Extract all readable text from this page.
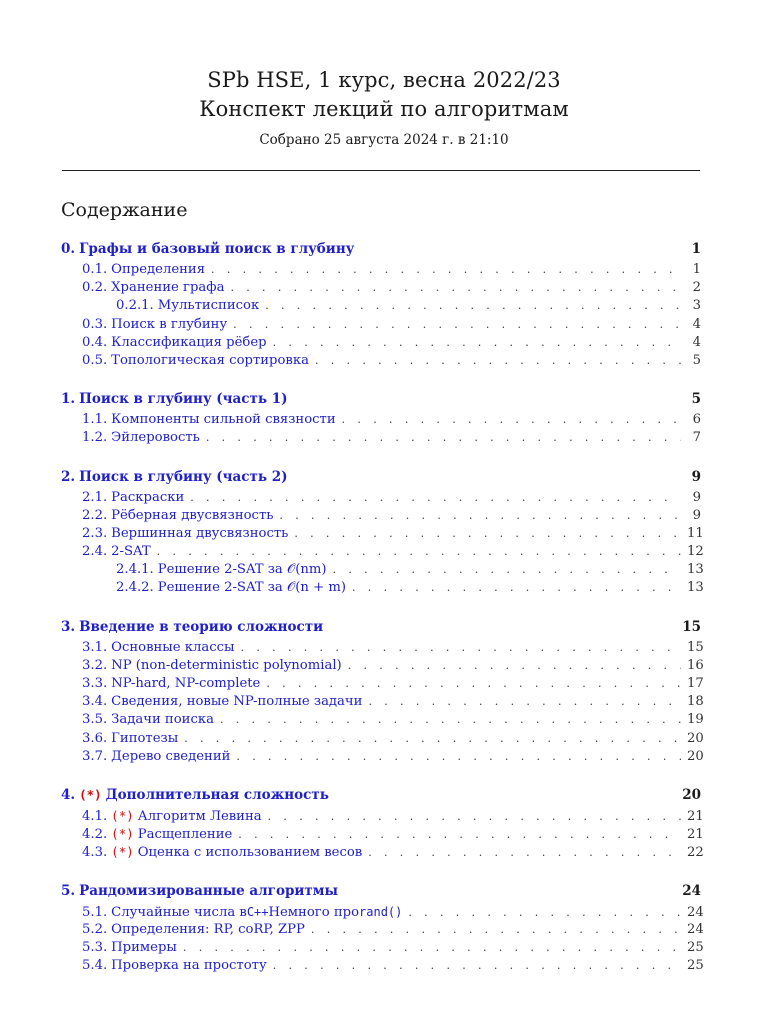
SPb HSE, 1 курс, весна 2022/23
Конспект лекций по алгоритмам
Собрано 25 августа 2024 г. в 21:10
Содержание
0. Графы и базовый поиск в глубину	1
0.1. Определения . . .	1
0.2. Хранение графа . . .	2
0.2.1. Мультисписок . . .	3
0.3. Поиск в глубину . . .	4
0.4. Классификация рёбер . . .	4
0.5. Топологическая сортировка . . .	5
1. Поиск в глубину (часть 1)	5
1.1. Компоненты сильной связности . . .	6
1.2. Эйлеровость . . .	7
2. Поиск в глубину (часть 2)	9
2.1. Раскраски . . .	9
2.2. Рёберная двусвязность . . .	9
2.3. Вершинная двусвязность . . .	11
2.4. 2-SAT . . .	12
2.4.1. Решение 2-SAT за 𝒪(nm) . . .	13
2.4.2. Решение 2-SAT за 𝒪(n + m) . . .	13
3. Введение в теорию сложности	15
3.1. Основные классы . . .	15
3.2. NP (non-deterministic polynomial) . . .	16
3.3. NP-hard, NP-complete . . .	17
3.4. Сведения, новые NP-полные задачи . . .	18
3.5. Задачи поиска . . .	19
3.6. Гипотезы . . .	20
3.7. Дерево сведений . . .	20
4. (*) Дополнительная сложность	20
4.1. (*) Алгоритм Левина . . .	21
4.2. (*) Расщепление . . .	21
4.3. (*) Оценка с использованием весов . . .	22
5. Рандомизированные алгоритмы	24
5.1. Случайные числа в C++ Немного про rand() . . .	24
5.2. Определения: RP, coRP, ZPP . . .	24
5.3. Примеры . . .	25
5.4. Проверка на простоту . . .	25
